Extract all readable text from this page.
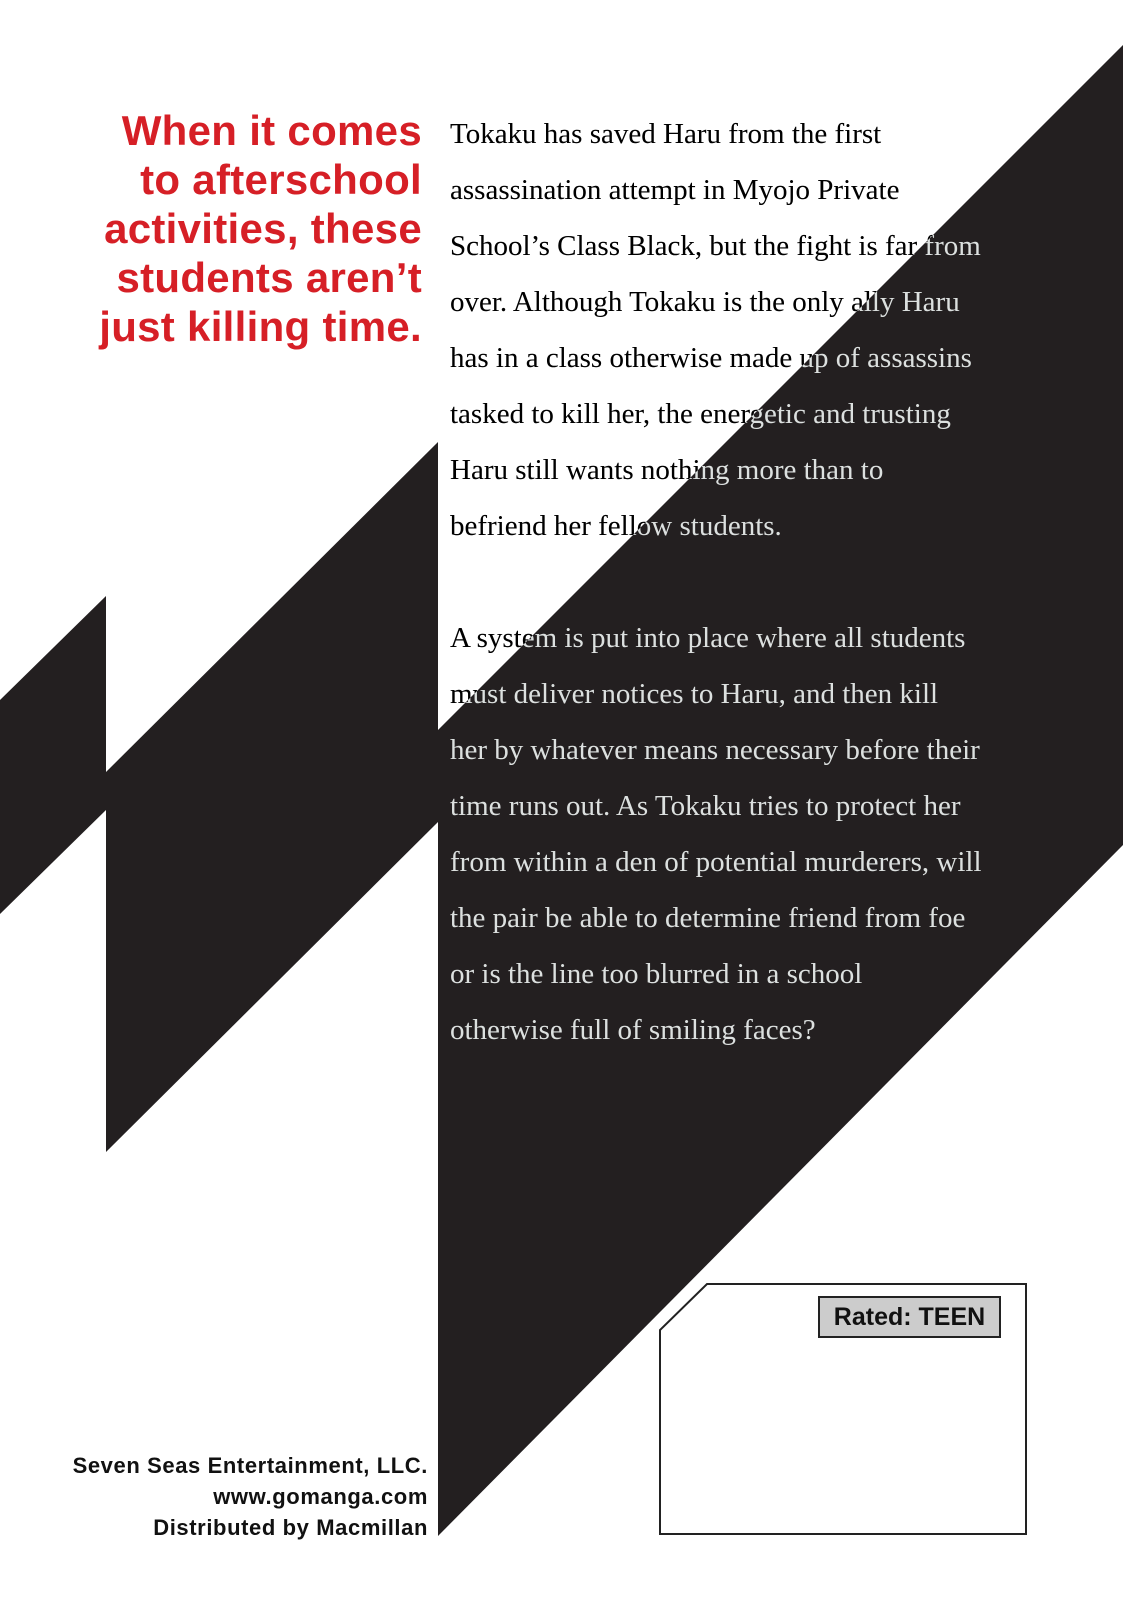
When it comes
to afterschool
activities, these
students aren’t
just killing time.

Tokaku has saved Haru from the first
assassination attempt in Myojo Private
School’s Class Black, but the fight is far from
over. Although Tokaku is the only ally Haru
has in a class otherwise made up of assassins
tasked to kill her, the energetic and trusting
Haru still wants nothing more than to
befriend her fellow students.

A system is put into place where all students
must deliver notices to Haru, and then kill
her by whatever means necessary before their
time runs out. As Tokaku tries to protect her
from within a den of potential murderers, will
the pair be able to determine friend from foe
or is the line too blurred in a school
otherwise full of smiling faces?

Rated: TEEN
Seven Seas Entertainment, LLC.
www.gomanga.com
Distributed by Macmillan
